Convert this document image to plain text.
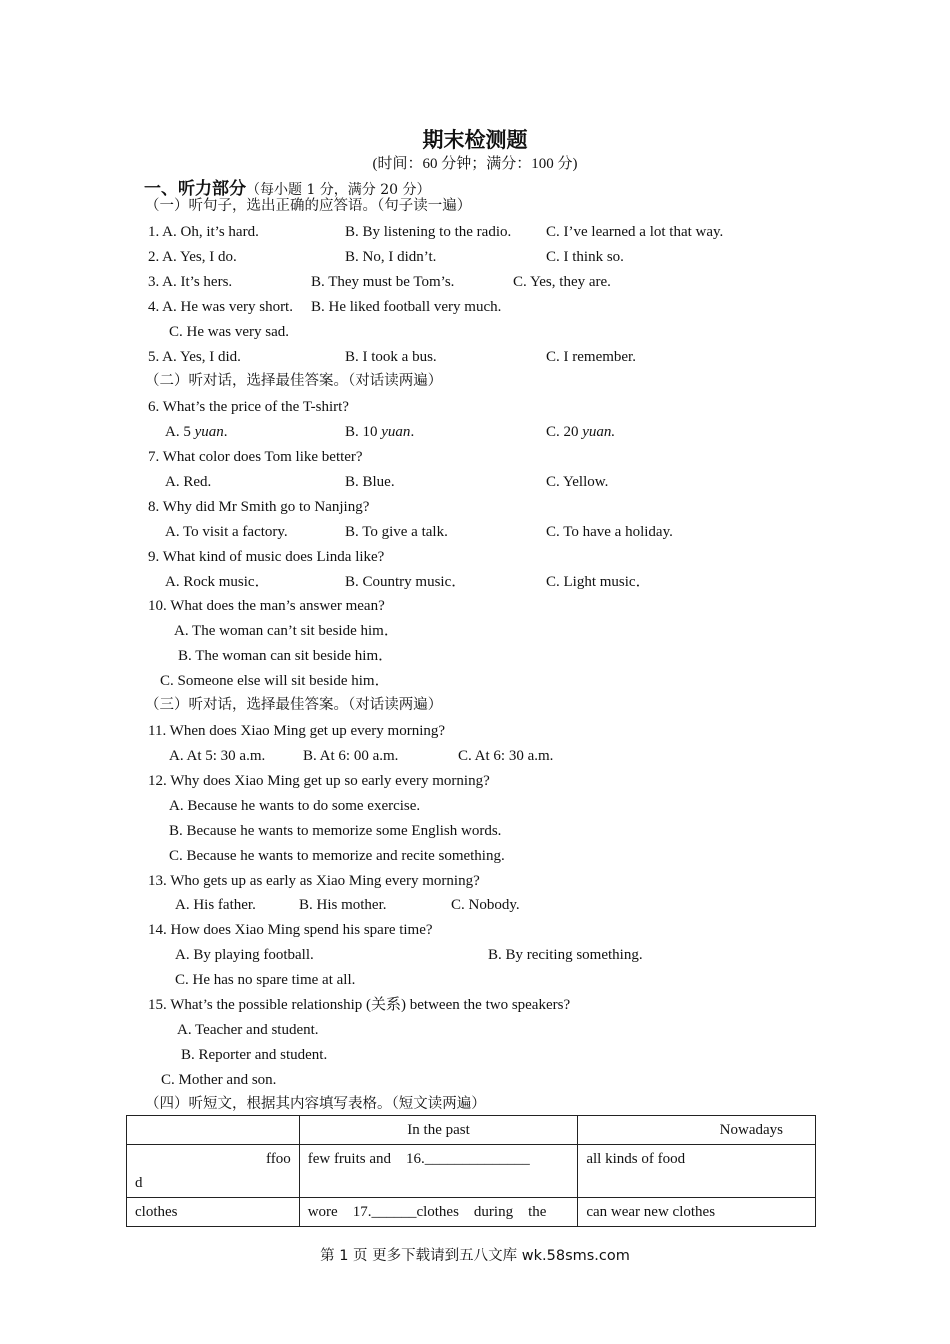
期末检测题
(时间：60 分钟；满分：100 分)
一、听力部分（每小题 1 分，满分 20 分）
（一）听句子，选出正确的应答语。（句子读一遍）
1. A. Oh, it’s hard.	B. By listening to the radio. C. I’ve learned a lot that way.
2. A. Yes, I do.	B. No, I didn’t.	C. I think so.
3. A. It’s hers.	B. They must be Tom’s.	C. Yes, they are.
4. A. He was very short. B. He liked football very much.
C. He was very sad.
5. A. Yes, I did.	B. I took a bus.	C. I remember.
（二）听对话，选择最佳答案。（对话读两遍）
6. What’s the price of the T-shirt?
A. 5 yuan.	B. 10 yuan.	C. 20 yuan.
7. What color does Tom like better?
A. Red.	B. Blue.	C. Yellow.
8. Why did Mr Smith go to Nanjing?
A. To visit a factory.	B. To give a talk.	C. To have a holiday.
9. What kind of music does Linda like?
A. Rock music．	B. Country music．	C. Light music．
10. What does the man’s answer mean?
A. The woman can’t sit beside him．
B. The woman can sit beside him．
C. Someone else will sit beside him．
（三）听对话，选择最佳答案。（对话读两遍）
11. When does Xiao Ming get up every morning?
A. At 5: 30 a.m.	B. At 6: 00 a.m.	C. At 6: 30 a.m.
12. Why does Xiao Ming get up so early every morning?
A. Because he wants to do some exercise.
B. Because he wants to memorize some English words.
C. Because he wants to memorize and recite something.
13. Who gets up as early as Xiao Ming every morning?
A. His father.	B. His mother.	C. Nobody.
14. How does Xiao Ming spend his spare time?
A. By playing football.	B. By reciting something.
C. He has no spare time at all.
15. What’s the possible relationship (关系) between the two speakers?
A. Teacher and student.
B. Reporter and student.
C. Mother and son.
（四）听短文，根据其内容填写表格。（短文读两遍）
	In the past	Nowadays

ffoo
d	few fruits and　16.______________	all kinds of food
clothes	wore　17.______clothes　during　the	can wear new clothes
第 1 页 更多下载请到五八文库 wk.58sms.com
